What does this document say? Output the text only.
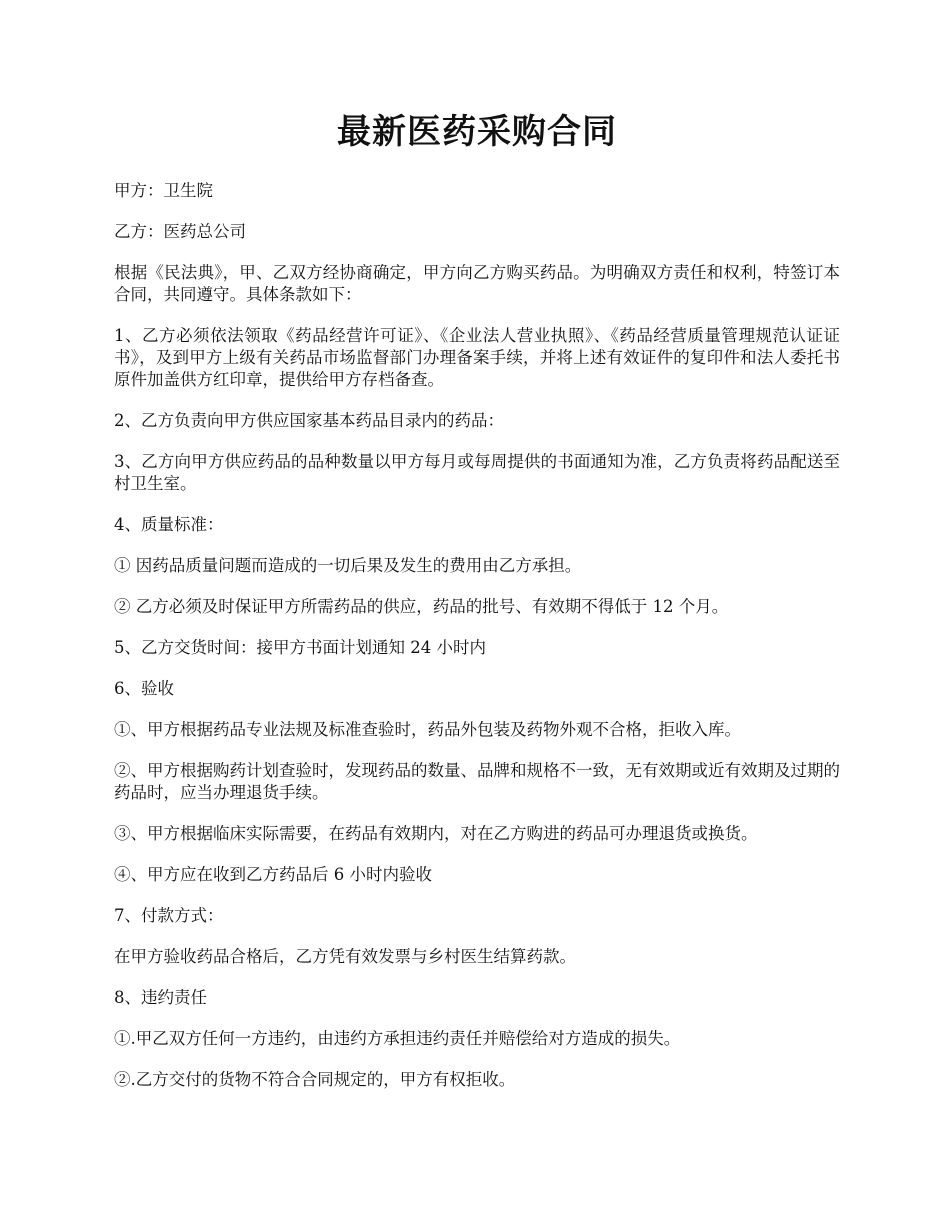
最新医药采购合同

甲方：卫生院

乙方：医药总公司

根据《民法典》，甲、乙双方经协商确定，甲方向乙方购买药品。为明确双方责任和权利，特签订本合同，共同遵守。具体条款如下：

1、乙方必须依法领取《药品经营许可证》、《企业法人营业执照》、《药品经营质量管理规范认证证书》，及到甲方上级有关药品市场监督部门办理备案手续，并将上述有效证件的复印件和法人委托书原件加盖供方红印章，提供给甲方存档备查。

2、乙方负责向甲方供应国家基本药品目录内的药品：

3、乙方向甲方供应药品的品种数量以甲方每月或每周提供的书面通知为准，乙方负责将药品配送至村卫生室。

4、质量标准：

① 因药品质量问题而造成的一切后果及发生的费用由乙方承担。

② 乙方必须及时保证甲方所需药品的供应，药品的批号、有效期不得低于 12 个月。

5、乙方交货时间：接甲方书面计划通知 24 小时内

6、验收

①、甲方根据药品专业法规及标准查验时，药品外包装及药物外观不合格，拒收入库。

②、甲方根据购药计划查验时，发现药品的数量、品牌和规格不一致，无有效期或近有效期及过期的药品时，应当办理退货手续。

③、甲方根据临床实际需要，在药品有效期内，对在乙方购进的药品可办理退货或换货。

④、甲方应在收到乙方药品后 6 小时内验收

7、付款方式：

在甲方验收药品合格后，乙方凭有效发票与乡村医生结算药款。

8、违约责任

①.甲乙双方任何一方违约，由违约方承担违约责任并赔偿给对方造成的损失。

②.乙方交付的货物不符合合同规定的，甲方有权拒收。
